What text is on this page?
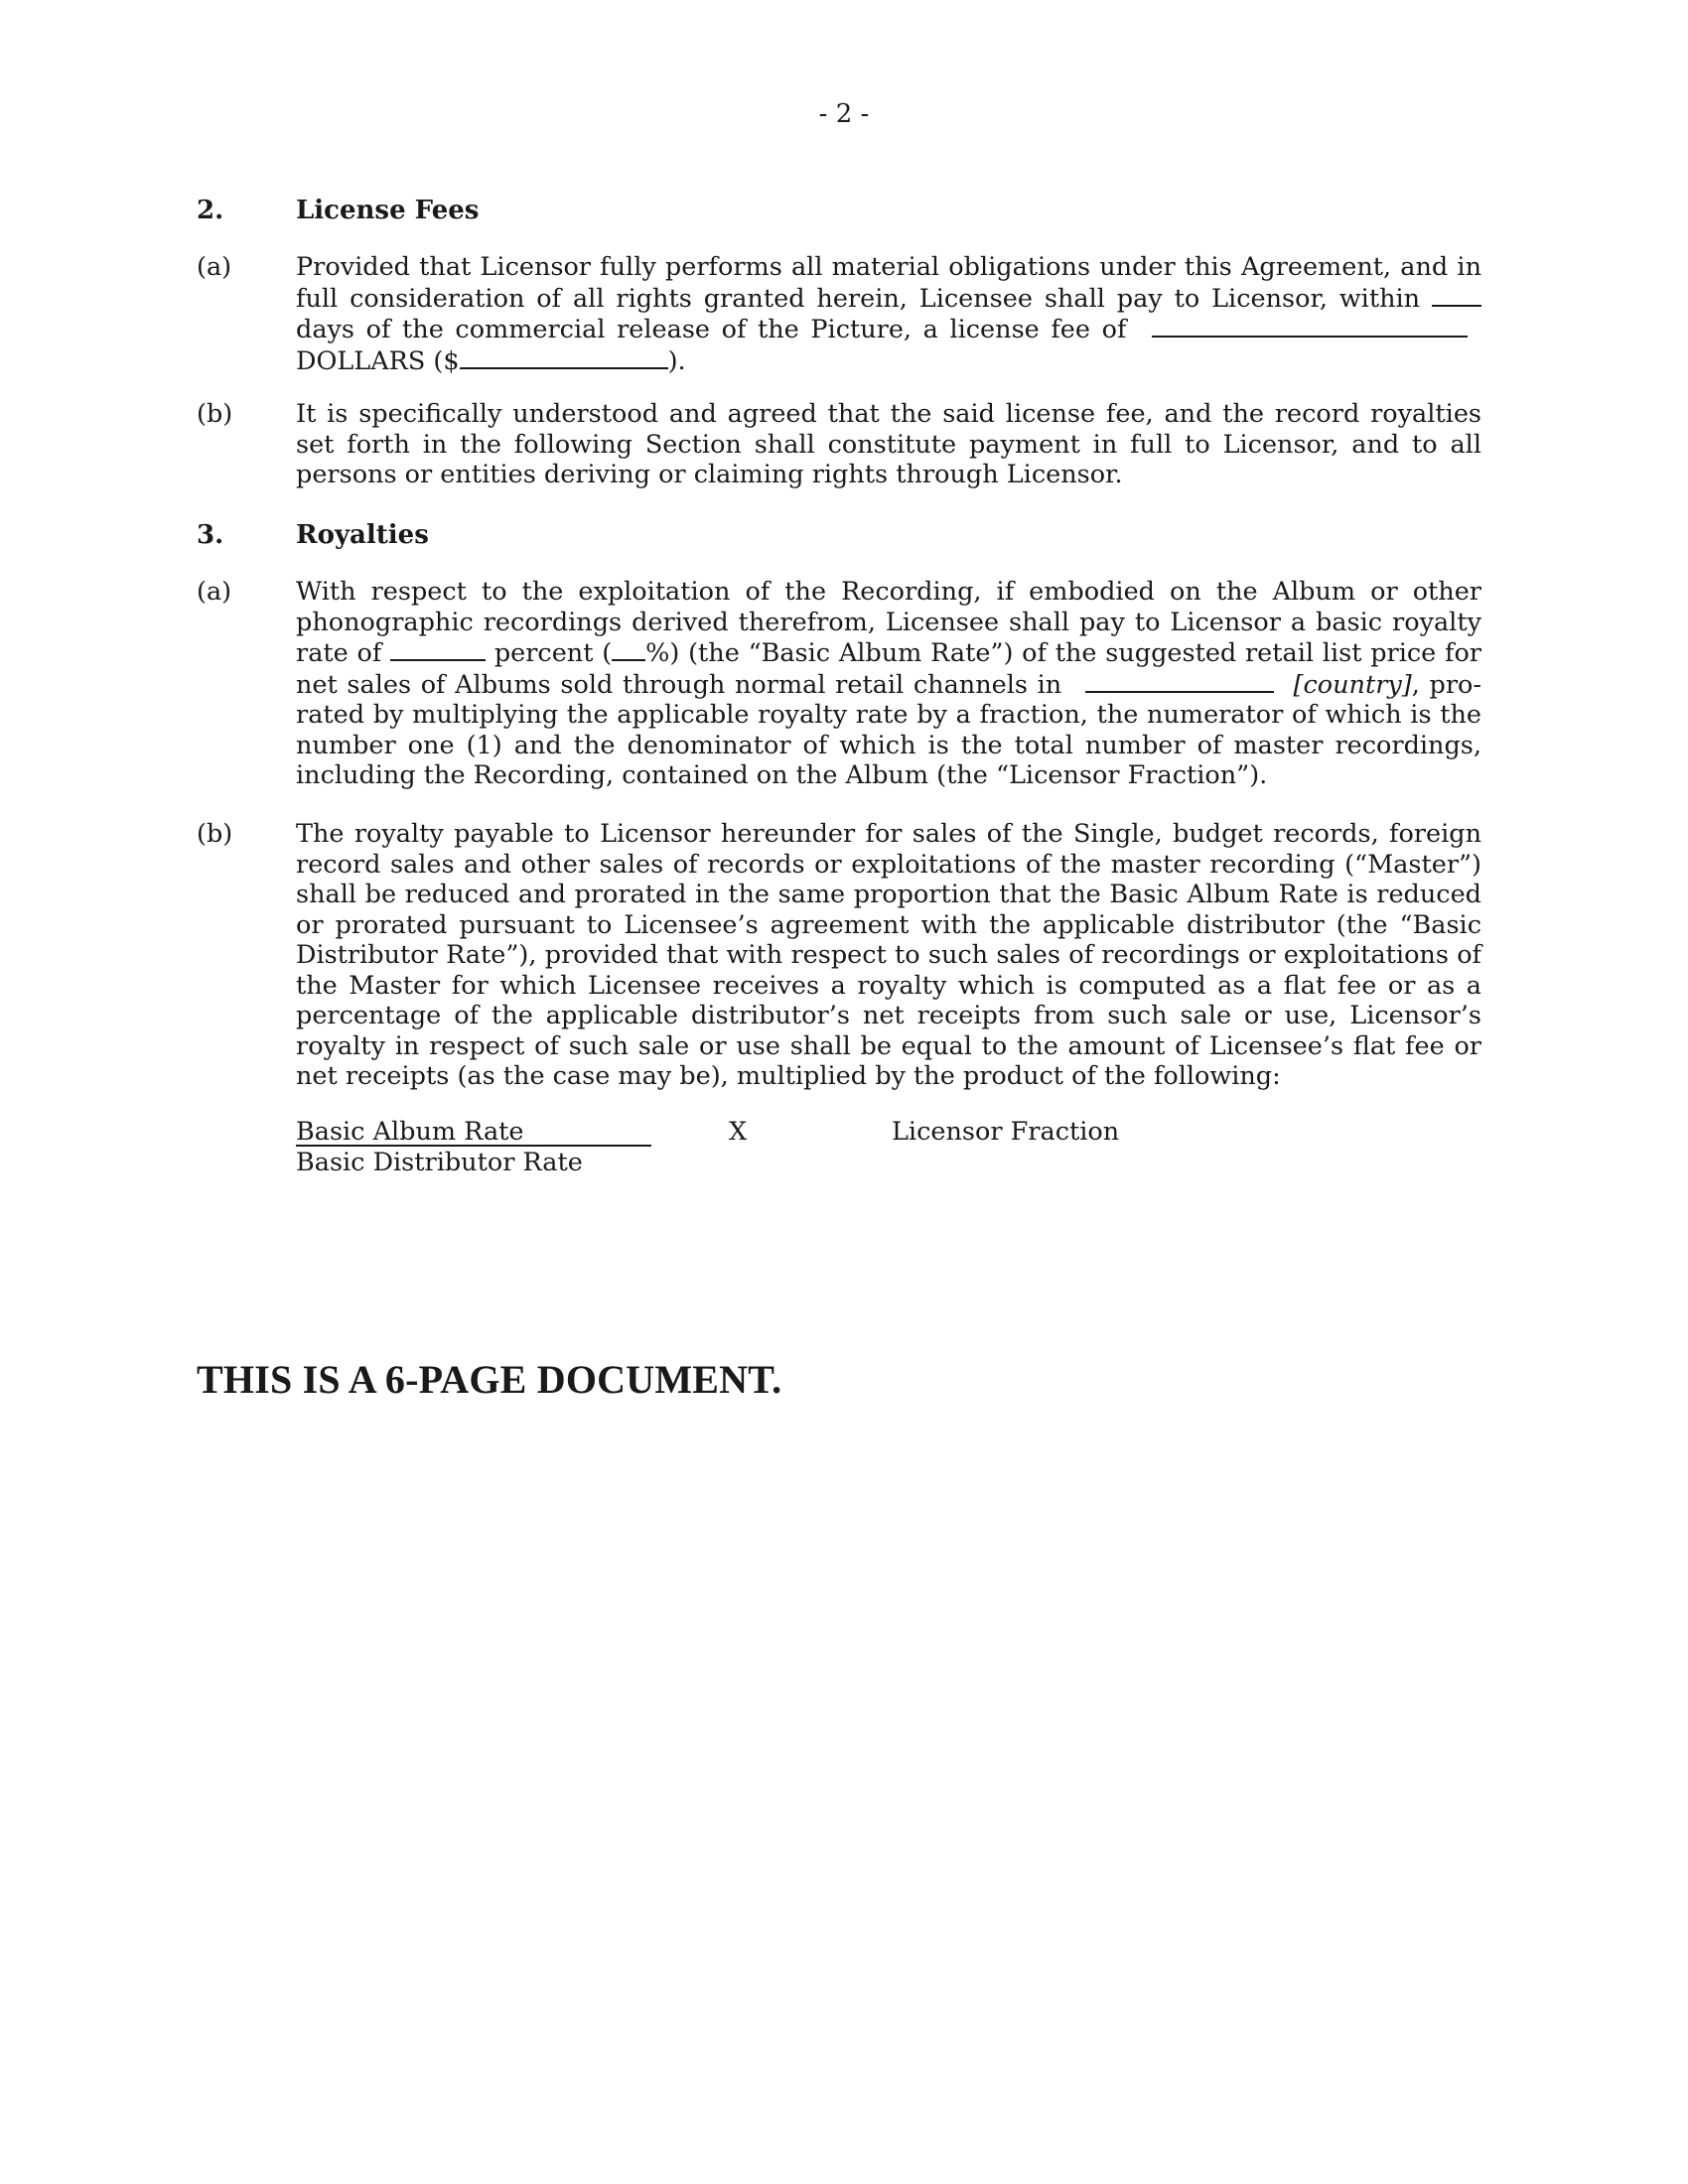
- 2 -
2.	License Fees
(a)	Provided that Licensor fully performs all material obligations under this Agreement, and in full consideration of all rights granted herein, Licensee shall pay to Licensor, within  days of the commercial release of the Picture, a license fee of  DOLLARS ($	).
(b)	It is specifically understood and agreed that the said license fee, and the record royalties set forth in the following Section shall constitute payment in full to Licensor, and to all persons or entities deriving or claiming rights through Licensor.
3.	Royalties
(a)	With respect to the exploitation of the Recording, if embodied on the Album or other phonographic recordings derived therefrom, Licensee shall pay to Licensor a basic royalty rate of	percent ( %) (the “Basic Album Rate”) of the suggested retail list price for net sales of Albums sold through normal retail channels in	[country], pro-rated by multiplying the applicable royalty rate by a fraction, the numerator of which is the number one (1) and the denominator of which is the total number of master recordings, including the Recording, contained on the Album (the “Licensor Fraction”).
(b)	The royalty payable to Licensor hereunder for sales of the Single, budget records, foreign record sales and other sales of records or exploitations of the master recording (“Master”) shall be reduced and prorated in the same proportion that the Basic Album Rate is reduced or prorated pursuant to Licensee’s agreement with the applicable distributor (the “Basic Distributor Rate”), provided that with respect to such sales of recordings or exploitations of the Master for which Licensee receives a royalty which is computed as a flat fee or as a percentage of the applicable distributor’s net receipts from such sale or use, Licensor’s royalty in respect of such sale or use shall be equal to the amount of Licensee’s flat fee or net receipts (as the case may be), multiplied by the product of the following:
Basic Album Rate	X	Licensor Fraction
Basic Distributor Rate
THIS IS A 6-PAGE DOCUMENT.
